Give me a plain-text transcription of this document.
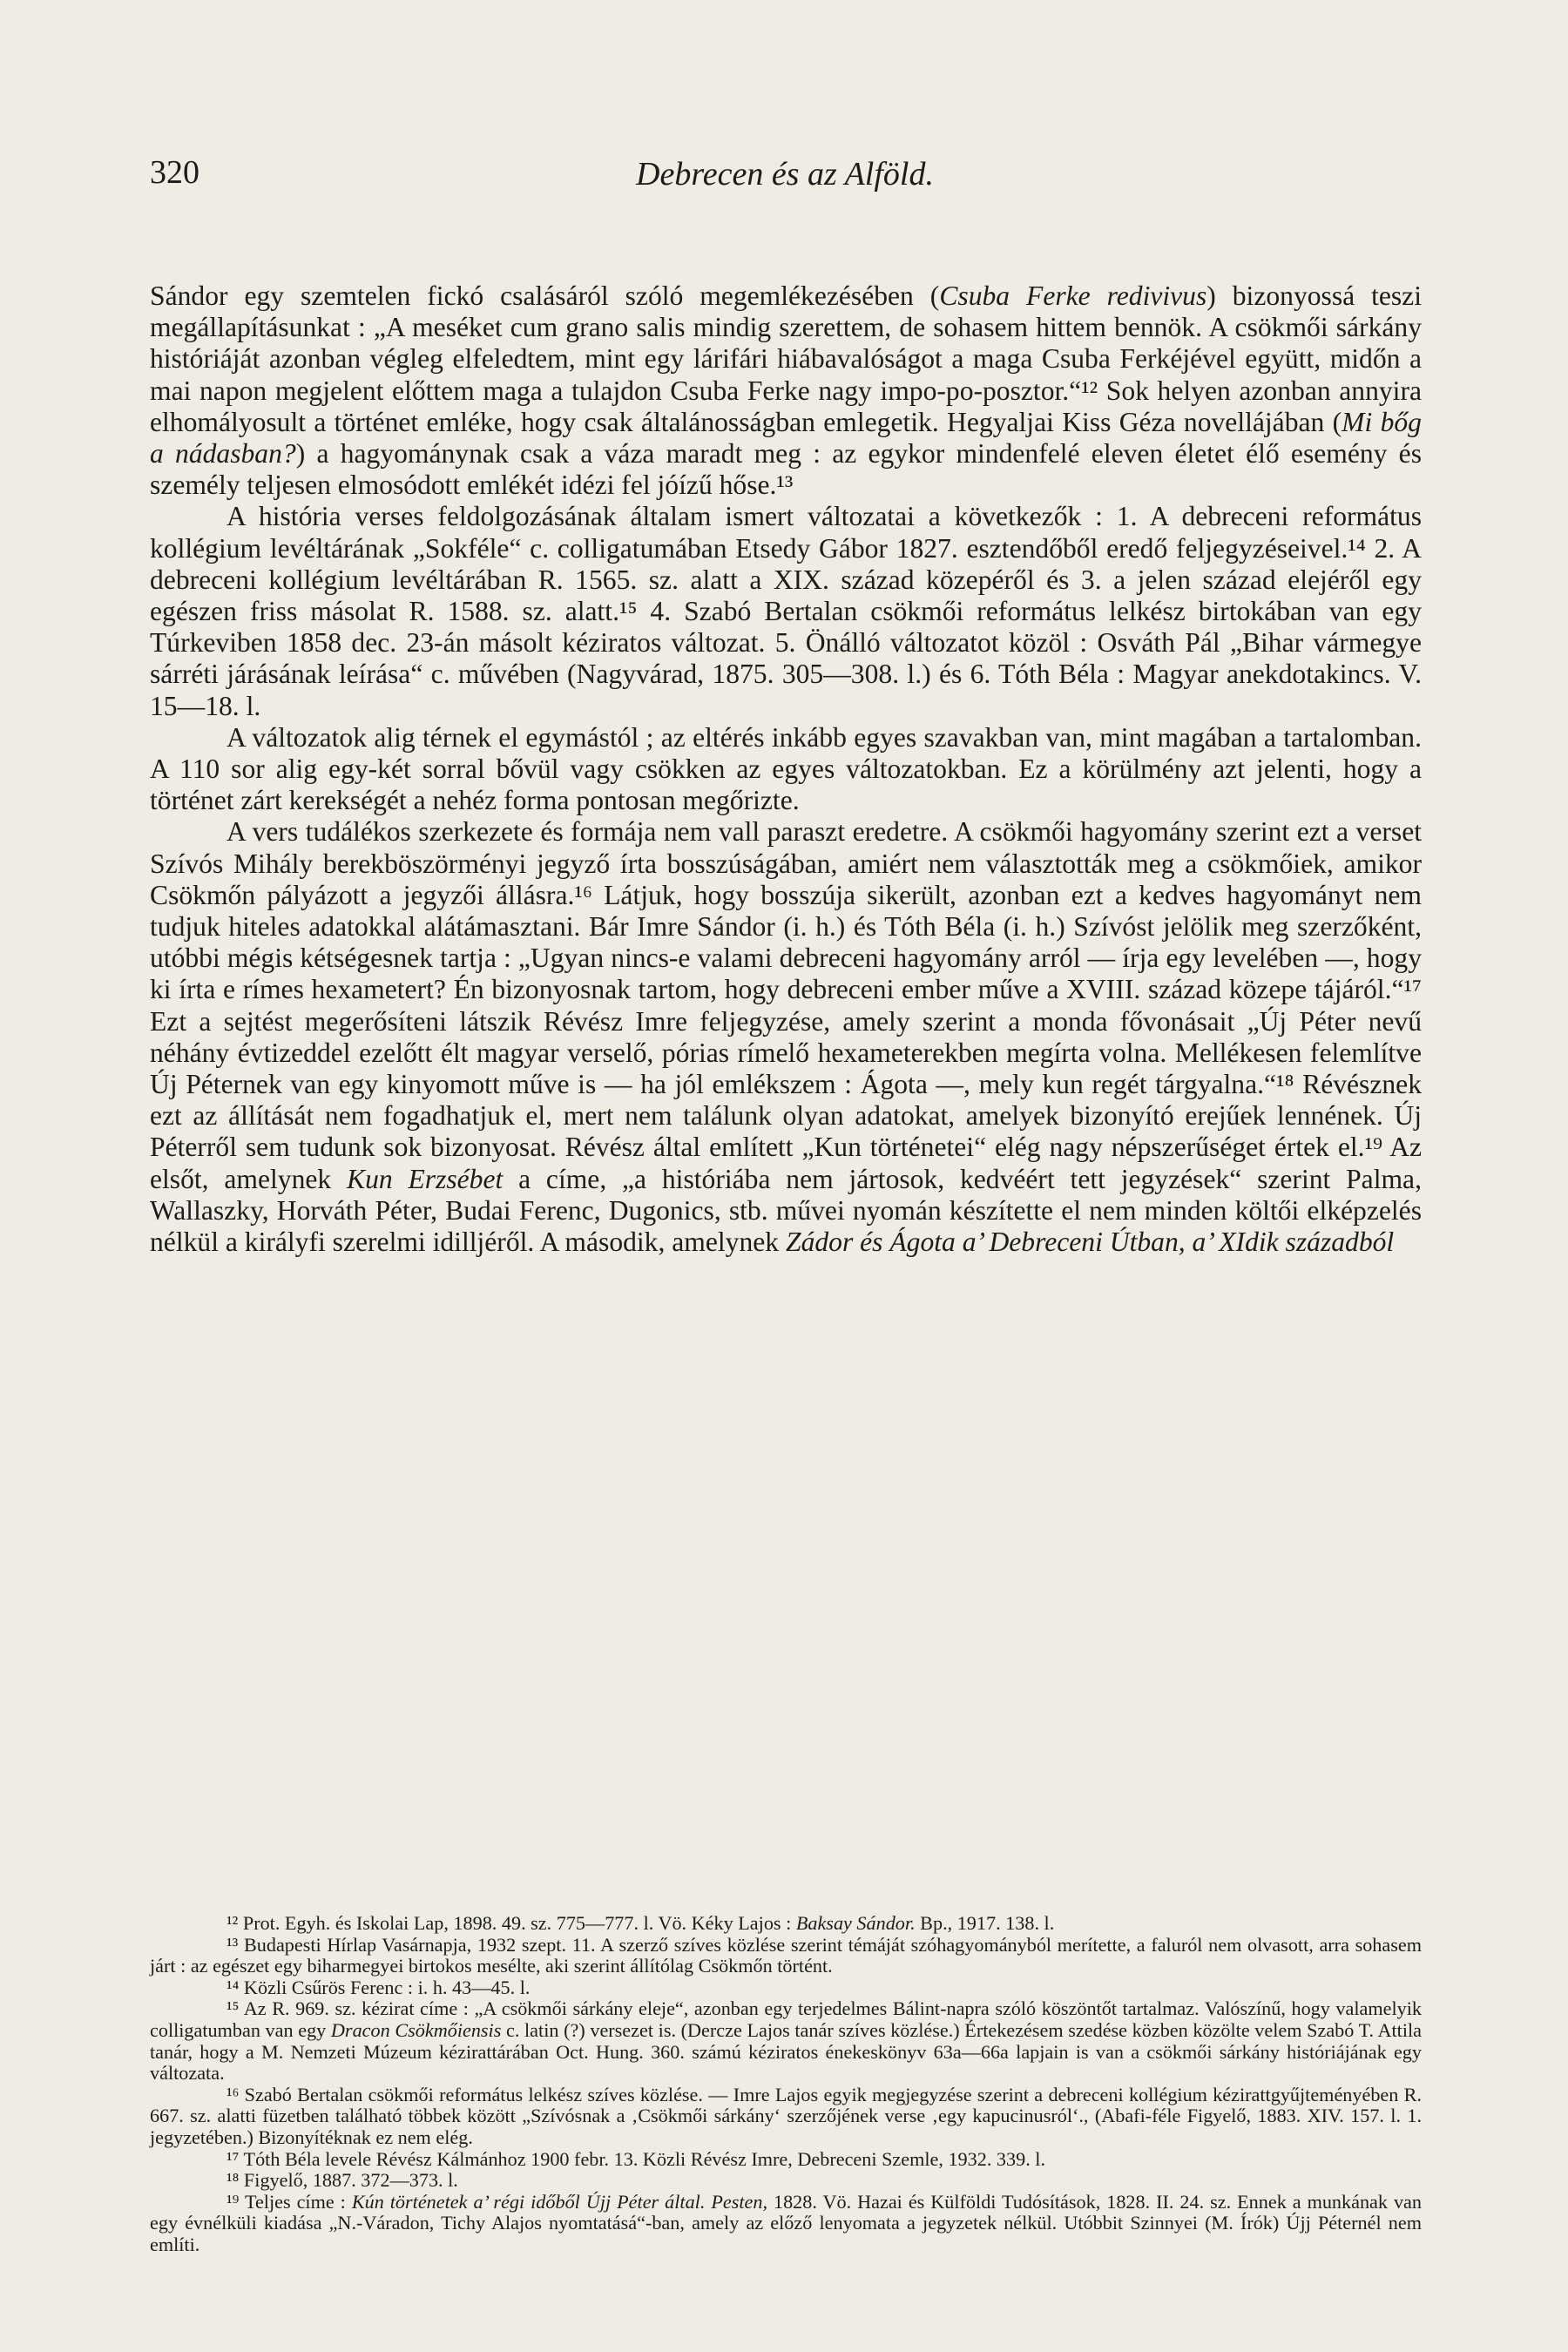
320	Debrecen és az Alföld.

Sándor egy szemtelen fickó csalásáról szóló megemlékezésében (Csuba Ferke redivivus) bizonyossá teszi megállapításunkat : „A meséket cum grano salis mindig szerettem, de sohasem hittem bennök. A csökmői sárkány históriáját azonban végleg elfeledtem, mint egy lárifári hiábavalóságot a maga Csuba Ferkéjével együtt, midőn a mai napon megjelent előttem maga a tulajdon Csuba Ferke nagy impo-po-posztor.“¹² Sok helyen azonban annyira elhomályosult a történet emléke, hogy csak általánosságban emlegetik. Hegyaljai Kiss Géza novellájában (Mi bőg a nádasban?) a hagyománynak csak a váza maradt meg : az egykor mindenfelé eleven életet élő esemény és személy teljesen elmosódott emlékét idézi fel jóízű hőse.¹³

A história verses feldolgozásának általam ismert változatai a következők : 1. A debreceni református kollégium levéltárának „Sokféle“ c. colligatumában Etsedy Gábor 1827. esztendőből eredő feljegyzéseivel.¹⁴ 2. A debreceni kollégium levéltárában R. 1565. sz. alatt a XIX. század közepéről és 3. a jelen század elejéről egy egészen friss másolat R. 1588. sz. alatt.¹⁵ 4. Szabó Bertalan csökmői református lelkész birtokában van egy Túrkeviben 1858 dec. 23-án másolt kéziratos változat. 5. Önálló változatot közöl : Osváth Pál „Bihar vármegye sárréti járásának leírása“ c. művében (Nagyvárad, 1875. 305—308. l.) és 6. Tóth Béla : Magyar anekdotakincs. V. 15—18. l.

A változatok alig térnek el egymástól ; az eltérés inkább egyes szavakban van, mint magában a tartalomban. A 110 sor alig egy-két sorral bővül vagy csökken az egyes változatokban. Ez a körülmény azt jelenti, hogy a történet zárt kerekségét a nehéz forma pontosan megőrizte.

A vers tudálékos szerkezete és formája nem vall paraszt eredetre. A csökmői hagyomány szerint ezt a verset Szívós Mihály berekböszörményi jegyző írta bosszúságában, amiért nem választották meg a csökmőiek, amikor Csökmőn pályázott a jegyzői állásra.¹⁶ Látjuk, hogy bosszúja sikerült, azonban ezt a kedves hagyományt nem tudjuk hiteles adatokkal alátámasztani. Bár Imre Sándor (i. h.) és Tóth Béla (i. h.) Szívóst jelölik meg szerzőként, utóbbi mégis kétségesnek tartja : „Ugyan nincs-e valami debreceni hagyomány arról — írja egy levelében —, hogy ki írta e rímes hexametert? Én bizonyosnak tartom, hogy debreceni ember műve a XVIII. század közepe tájáról.“¹⁷ Ezt a sejtést megerősíteni látszik Révész Imre feljegyzése, amely szerint a monda fővonásait „Új Péter nevű néhány évtizeddel ezelőtt élt magyar verselő, pórias rímelő hexameterekben megírta volna. Mellékesen felemlítve Új Péternek van egy kinyomott műve is — ha jól emlékszem : Ágota —, mely kun regét tárgyalna.“¹⁸ Révésznek ezt az állítását nem fogadhatjuk el, mert nem találunk olyan adatokat, amelyek bizonyító erejűek lennének. Új Péterről sem tudunk sok bizonyosat. Révész által említett „Kun történetei“ elég nagy népszerűséget értek el.¹⁹ Az elsőt, amelynek Kun Erzsébet a címe, „a históriába nem jártosok, kedvéért tett jegyzések“ szerint Palma, Wallaszky, Horváth Péter, Budai Ferenc, Dugonics, stb. művei nyomán készítette el nem minden költői elképzelés nélkül a királyfi szerelmi idilljéről. A második, amelynek Zádor és Ágota a’ Debreceni Útban, a’ XIdik századból

¹² Prot. Egyh. és Iskolai Lap, 1898. 49. sz. 775—777. l. Vö. Kéky Lajos : Baksay Sándor. Bp., 1917. 138. l.

¹³ Budapesti Hírlap Vasárnapja, 1932 szept. 11. A szerző szíves közlése szerint témáját szóhagyományból merítette, a faluról nem olvasott, arra sohasem járt : az egészet egy biharmegyei birtokos mesélte, aki szerint állítólag Csökmőn történt.

¹⁴ Közli Csűrös Ferenc : i. h. 43—45. l.

¹⁵ Az R. 969. sz. kézirat címe : „A csökmői sárkány eleje“, azonban egy terjedelmes Bálint-napra szóló köszöntőt tartalmaz. Valószínű, hogy valamelyik colligatumban van egy Dracon Csökmőiensis c. latin (?) versezet is. (Dercze Lajos tanár szíves közlése.) Értekezésem szedése közben közölte velem Szabó T. Attila tanár, hogy a M. Nemzeti Múzeum kézirattárában Oct. Hung. 360. számú kéziratos énekeskönyv 63a—66a lapjain is van a csökmői sárkány históriájának egy változata.

¹⁶ Szabó Bertalan csökmői református lelkész szíves közlése. — Imre Lajos egyik megjegyzése szerint a debreceni kollégium kézirattgyűjteményében R. 667. sz. alatti füzetben található többek között „Szívósnak a ‚Csökmői sárkány‘ szerzőjének verse ‚egy kapucinusról‘., (Abafi-féle Figyelő, 1883. XIV. 157. l. 1. jegyzetében.) Bizonyítéknak ez nem elég.

¹⁷ Tóth Béla levele Révész Kálmánhoz 1900 febr. 13. Közli Révész Imre, Debreceni Szemle, 1932. 339. l.

¹⁸ Figyelő, 1887. 372—373. l.

¹⁹ Teljes címe : Kún történetek a’ régi időből Újj Péter által. Pesten, 1828. Vö. Hazai és Külföldi Tudósítások, 1828. II. 24. sz. Ennek a munkának van egy évnélküli kiadása „N.-Váradon, Tichy Alajos nyomtatásá“-ban, amely az előző lenyomata a jegyzetek nélkül. Utóbbit Szinnyei (M. Írók) Újj Péternél nem említi.
